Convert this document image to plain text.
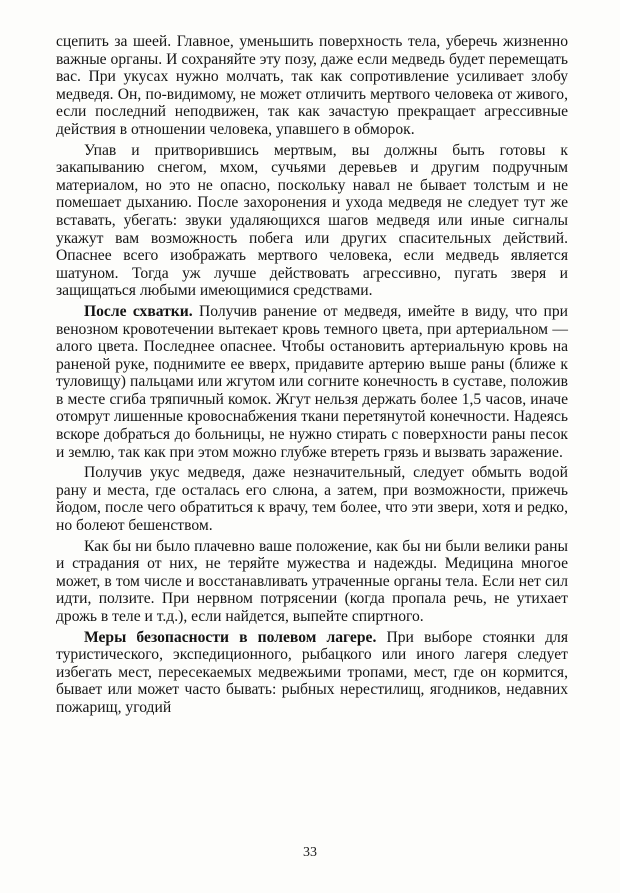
сцепить за шеей. Главное, уменьшить поверхность тела, уберечь жизненно важные органы. И сохраняйте эту позу, даже если медведь будет перемещать вас. При укусах нужно молчать, так как сопротивление усиливает злобу медведя. Он, по-видимому, не может отличить мертвого человека от живого, если последний неподвижен, так как зачастую прекращает агрессивные действия в отношении человека, упавшего в обморок.

Упав и притворившись мертвым, вы должны быть готовы к закапыванию снегом, мхом, сучьями деревьев и другим подручным материалом, но это не опасно, поскольку навал не бывает толстым и не помешает дыханию. После захоронения и ухода медведя не следует тут же вставать, убегать: звуки удаляющихся шагов медведя или иные сигналы укажут вам возможность побега или других спасительных действий. Опаснее всего изображать мертвого человека, если медведь является шатуном. Тогда уж лучше действовать агрессивно, пугать зверя и защищаться любыми имеющимися средствами.

После схватки. Получив ранение от медведя, имейте в виду, что при венозном кровотечении вытекает кровь темного цвета, при артериальном — алого цвета. Последнее опаснее. Чтобы остановить артериальную кровь на раненой руке, поднимите ее вверх, придавите артерию выше раны (ближе к туловищу) пальцами или жгутом или согните конечность в суставе, положив в месте сгиба тряпичный комок. Жгут нельзя держать более 1,5 часов, иначе отомрут лишенные кровоснабжения ткани перетянутой конечности. Надеясь вскоре добраться до больницы, не нужно стирать с поверхности раны песок и землю, так как при этом можно глубже втереть грязь и вызвать заражение.

Получив укус медведя, даже незначительный, следует обмыть водой рану и места, где осталась его слюна, а затем, при возможности, прижечь йодом, после чего обратиться к врачу, тем более, что эти звери, хотя и редко, но болеют бешенством.

Как бы ни было плачевно ваше положение, как бы ни были велики раны и страдания от них, не теряйте мужества и надежды. Медицина многое может, в том числе и восстанавливать утраченные органы тела. Если нет сил идти, ползите. При нервном потрясении (когда пропала речь, не утихает дрожь в теле и т.д.), если найдется, выпейте спиртного.

Меры безопасности в полевом лагере. При выборе стоянки для туристического, экспедиционного, рыбацкого или иного лагеря следует избегать мест, пересекаемых медвежьими тропами, мест, где он кормится, бывает или может часто бывать: рыбных нерестилищ, ягодников, недавних пожарищ, угодий

33
